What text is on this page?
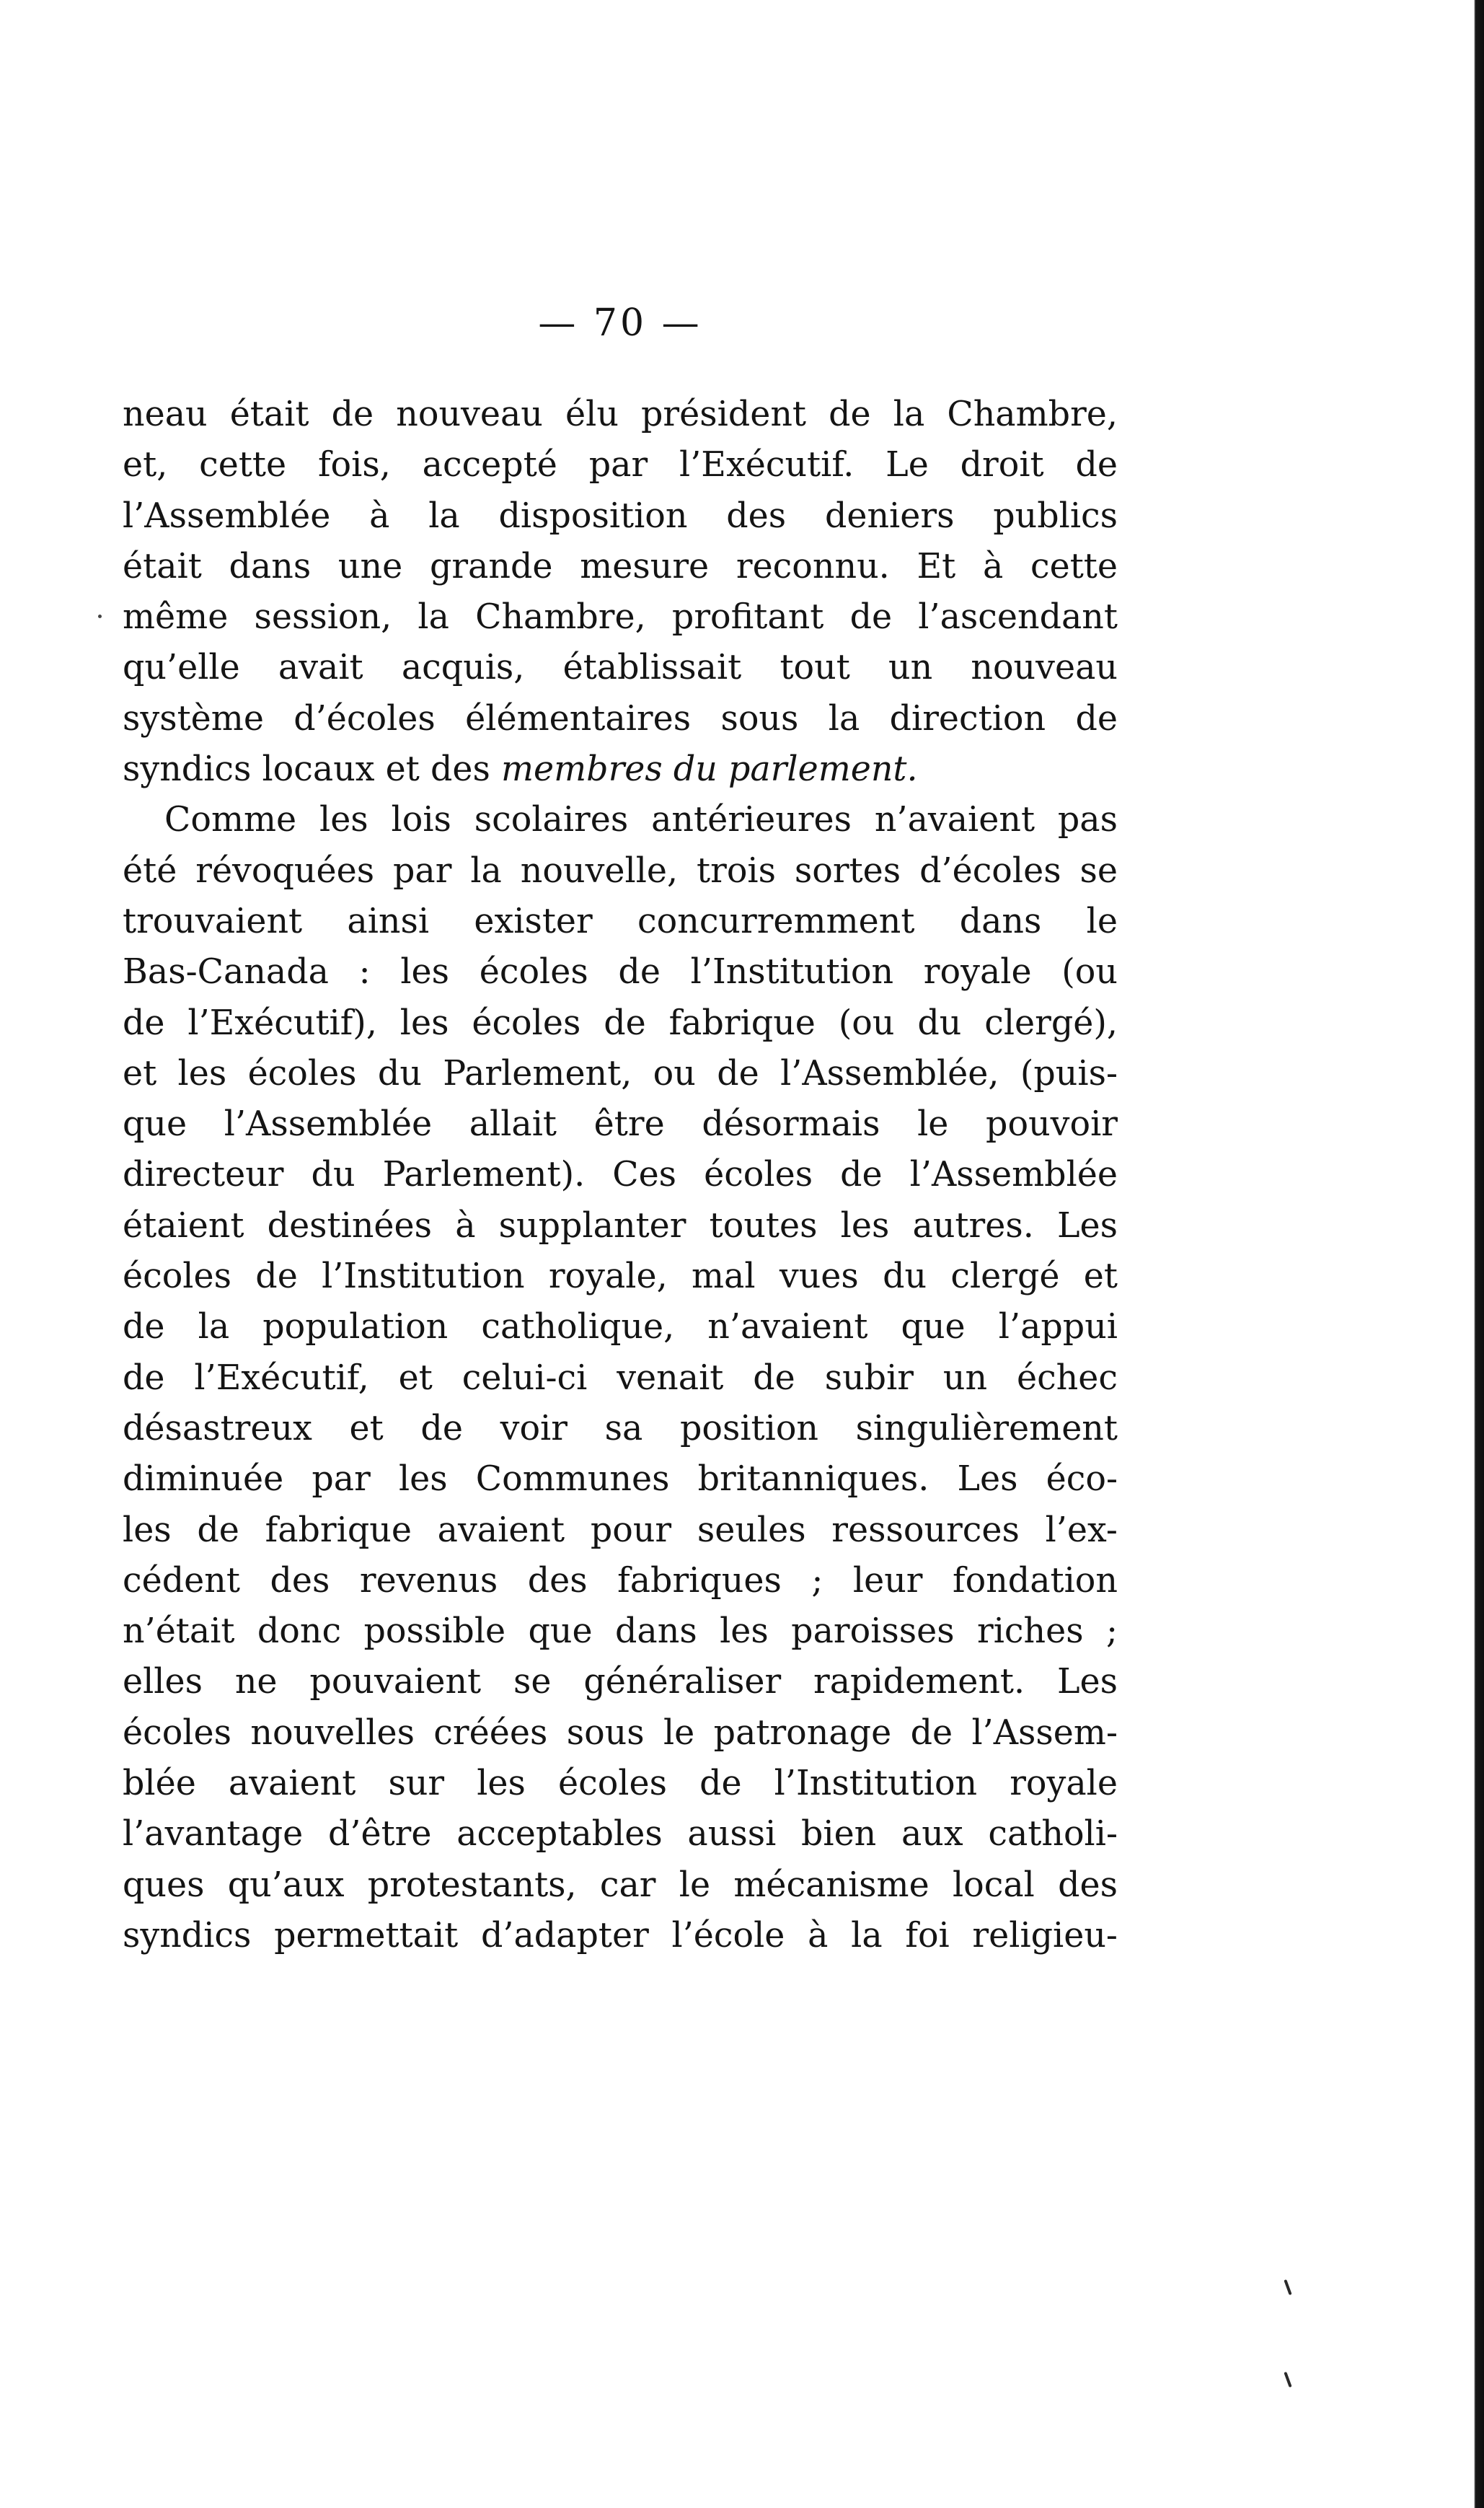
— 70 —
neau était de nouveau élu président de la Chambre,
et, cette fois, accepté par l’Exécutif. Le droit de
l’Assemblée à la disposition des deniers publics
était dans une grande mesure reconnu. Et à cette
même session, la Chambre, profitant de l’ascendant
qu’elle avait acquis, établissait tout un nouveau
système d’écoles élémentaires sous la direction de
syndics locaux et des membres du parlement.
Comme les lois scolaires antérieures n’avaient pas
été révoquées par la nouvelle, trois sortes d’écoles se
trouvaient ainsi exister concurremment dans le
Bas-Canada : les écoles de l’Institution royale (ou
de l’Exécutif), les écoles de fabrique (ou du clergé),
et les écoles du Parlement, ou de l’Assemblée, (puis-
que l’Assemblée allait être désormais le pouvoir
directeur du Parlement). Ces écoles de l’Assemblée
étaient destinées à supplanter toutes les autres. Les
écoles de l’Institution royale, mal vues du clergé et
de la population catholique, n’avaient que l’appui
de l’Exécutif, et celui-ci venait de subir un échec
désastreux et de voir sa position singulièrement
diminuée par les Communes britanniques. Les éco-
les de fabrique avaient pour seules ressources l’ex-
cédent des revenus des fabriques ; leur fondation
n’était donc possible que dans les paroisses riches ;
elles ne pouvaient se généraliser rapidement. Les
écoles nouvelles créées sous le patronage de l’Assem-
blée avaient sur les écoles de l’Institution royale
l’avantage d’être acceptables aussi bien aux catholi-
ques qu’aux protestants, car le mécanisme local des
syndics permettait d’adapter l’école à la foi religieu-
